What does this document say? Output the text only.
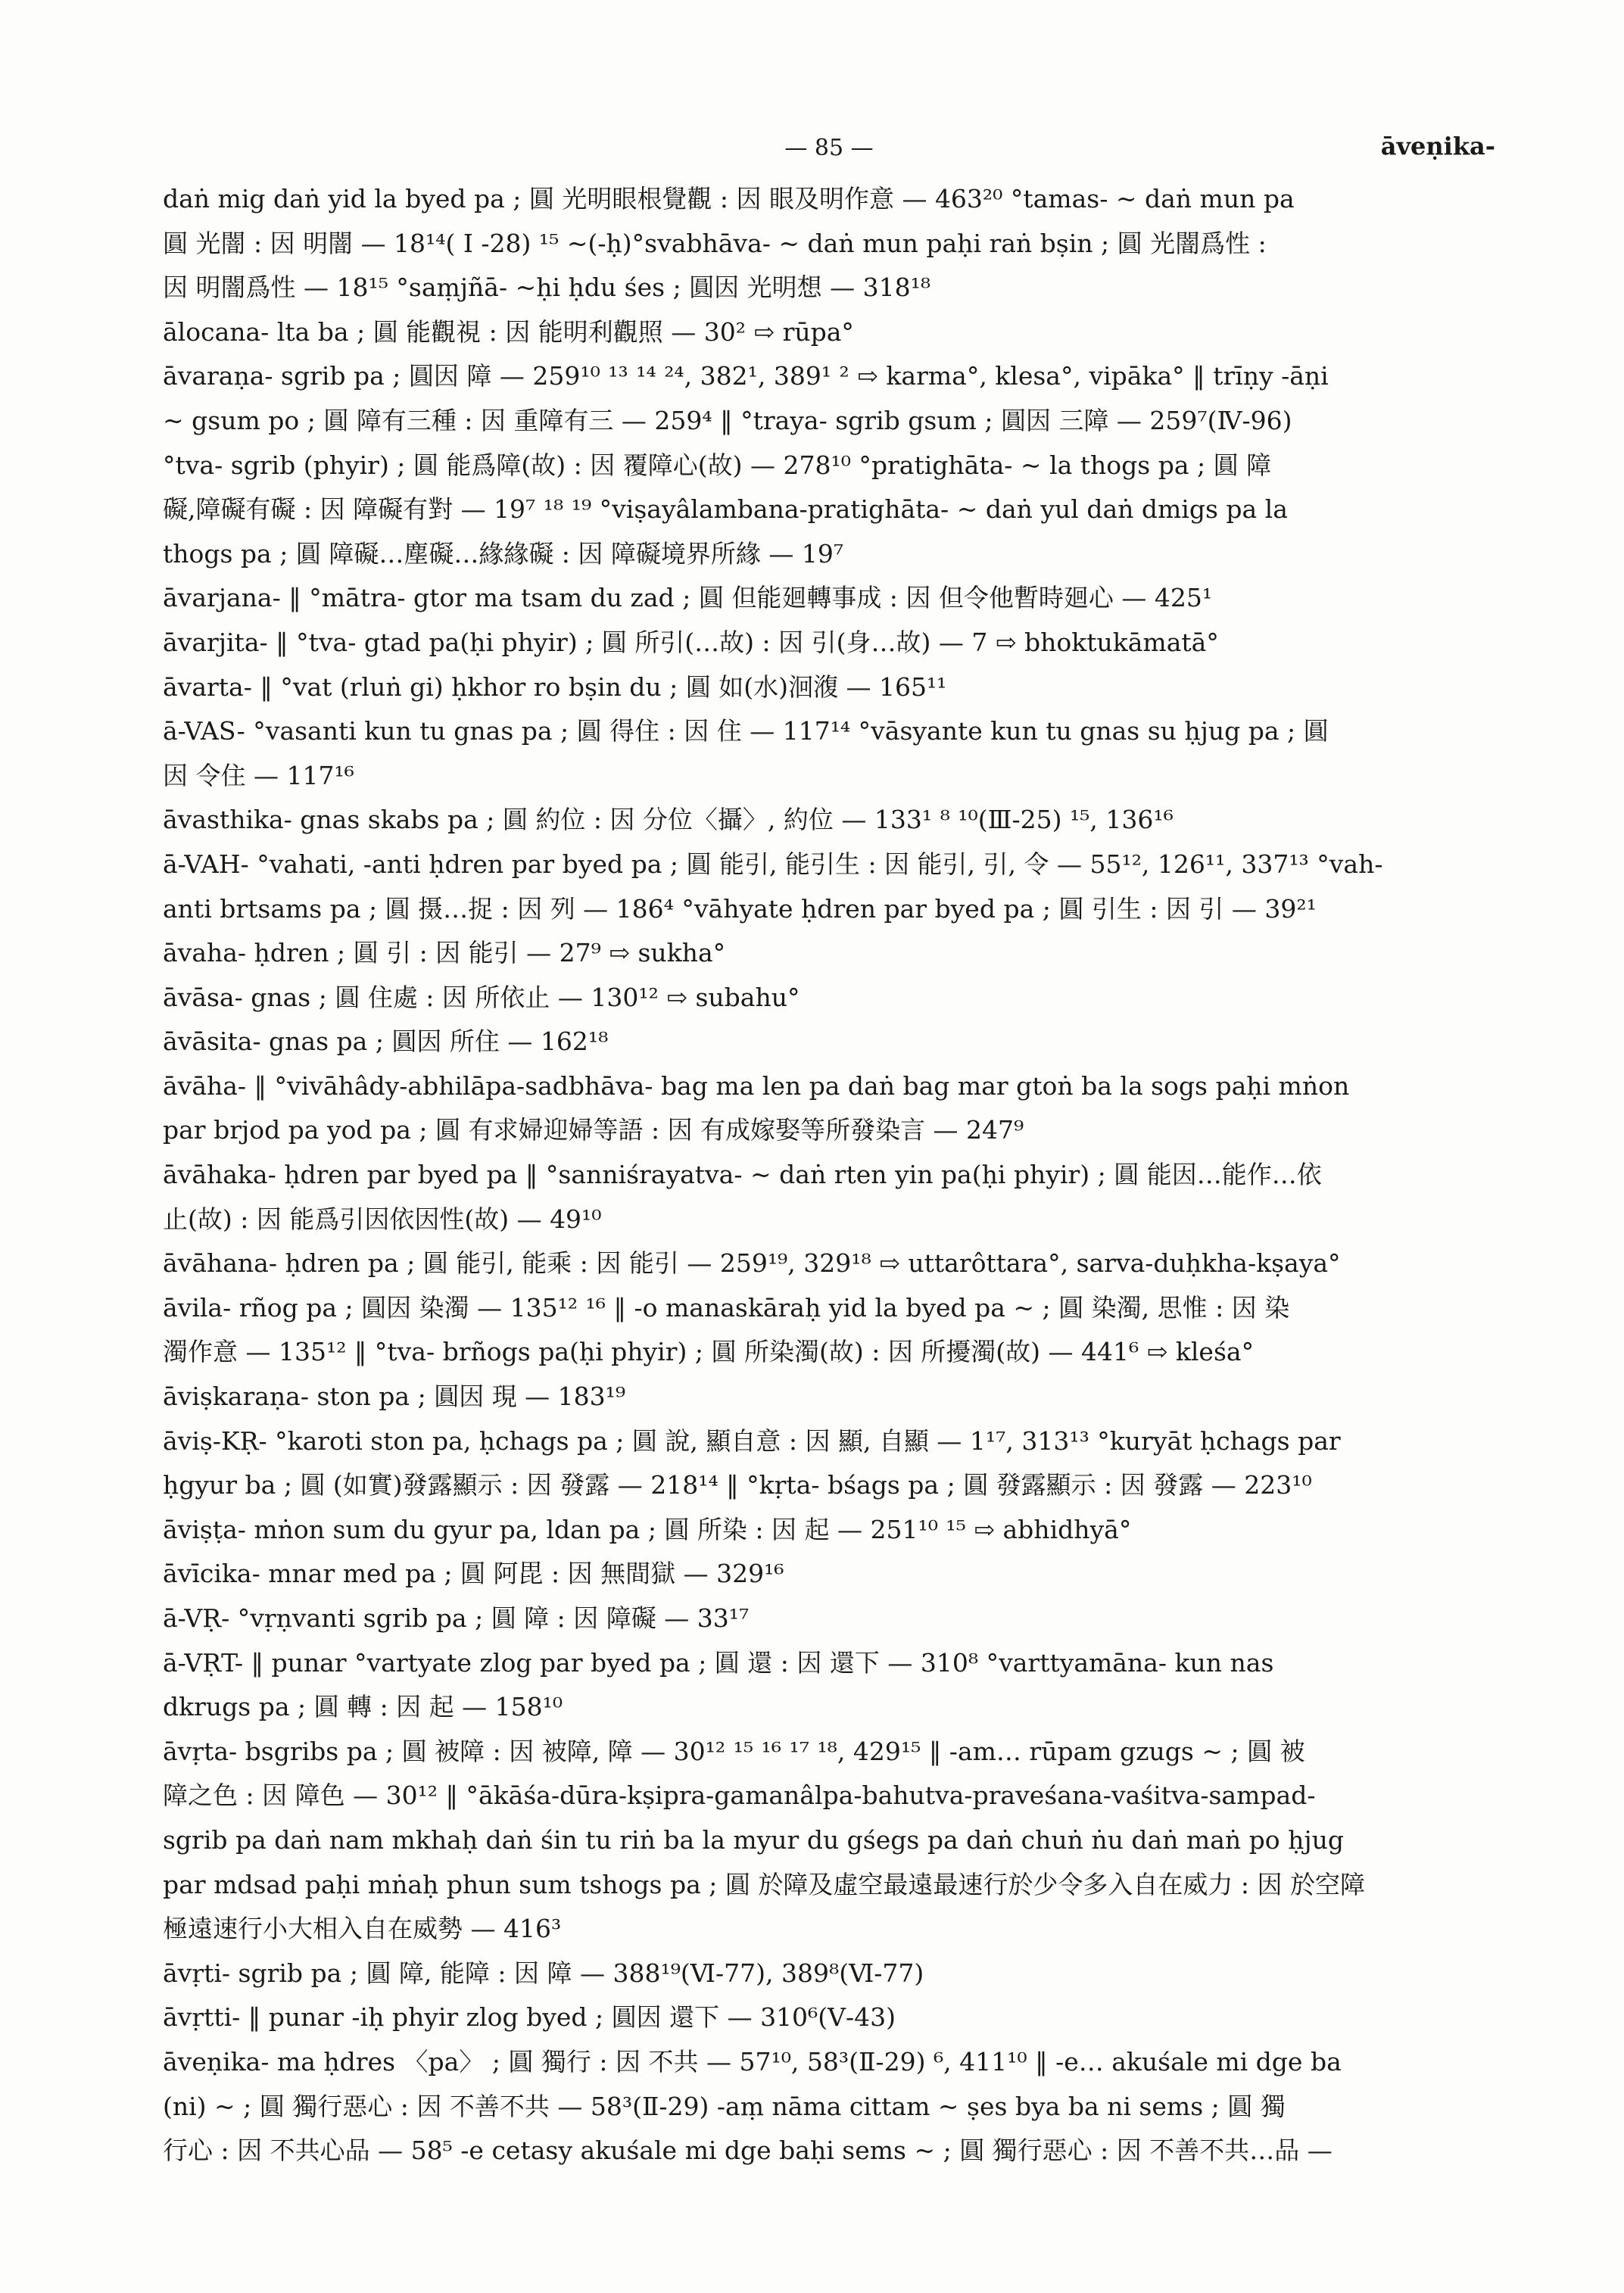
— 85 —	āveṇika-
daṅ mig daṅ yid la byed pa ; 圓 光明眼根覺觀 : 因 眼及明作意 — 463²⁰ °tamas- ~ daṅ mun pa
圓 光闇 : 因 明闇 — 18¹⁴( I -28) ¹⁵ ~(-ḥ)°svabhāva- ~ daṅ mun paḥi raṅ bṣin ; 圓 光闇爲性 :
因 明闇爲性 — 18¹⁵ °saṃjñā- ~ḥi ḥdu śes ; 圓因 光明想 — 318¹⁸
ālocana- lta ba ; 圓 能觀視 : 因 能明利觀照 — 30² ⇨ rūpa°
āvaraṇa- sgrib pa ; 圓因 障 — 259¹⁰ ¹³ ¹⁴ ²⁴, 382¹, 389¹ ² ⇨ karma°, klesa°, vipāka° ‖ trīṇy -āṇi
~ gsum po ; 圓 障有三種 : 因 重障有三 — 259⁴ ‖ °traya- sgrib gsum ; 圓因 三障 — 259⁷(Ⅳ-96)
°tva- sgrib (phyir) ; 圓 能爲障(故) : 因 覆障心(故) — 278¹⁰ °pratighāta- ~ la thogs pa ; 圓 障
礙,障礙有礙 : 因 障礙有對 — 19⁷ ¹⁸ ¹⁹ °viṣayâlambana-pratighāta- ~ daṅ yul daṅ dmigs pa la
thogs pa ; 圓 障礙…塵礙…緣緣礙 : 因 障礙境界所緣 — 19⁷
āvarjana- ‖ °mātra- gtor ma tsam du zad ; 圓 但能廻轉事成 : 因 但令他暫時廻心 — 425¹
āvarjita- ‖ °tva- gtad pa(ḥi phyir) ; 圓 所引(…故) : 因 引(身…故) — 7 ⇨ bhoktukāmatā°
āvarta- ‖ °vat (rluṅ gi) ḥkhor ro bṣin du ; 圓 如(水)洄澓 — 165¹¹
ā-VAS- °vasanti kun tu gnas pa ; 圓 得住 : 因 住 — 117¹⁴ °vāsyante kun tu gnas su ḥjug pa ; 圓
因 令住 — 117¹⁶
āvasthika- gnas skabs pa ; 圓 約位 : 因 分位〈攝〉, 約位 — 133¹ ⁸ ¹⁰(Ⅲ-25) ¹⁵, 136¹⁶
ā-VAH- °vahati, -anti ḥdren par byed pa ; 圓 能引, 能引生 : 因 能引, 引, 令 — 55¹², 126¹¹, 337¹³ °vah-
anti brtsams pa ; 圓 摄…捉 : 因 列 — 186⁴ °vāhyate ḥdren par byed pa ; 圓 引生 : 因 引 — 39²¹
āvaha- ḥdren ; 圓 引 : 因 能引 — 27⁹ ⇨ sukha°
āvāsa- gnas ; 圓 住處 : 因 所依止 — 130¹² ⇨ subahu°
āvāsita- gnas pa ; 圓因 所住 — 162¹⁸
āvāha- ‖ °vivāhâdy-abhilāpa-sadbhāva- bag ma len pa daṅ bag mar gtoṅ ba la sogs paḥi mṅon
par brjod pa yod pa ; 圓 有求婦迎婦等語 : 因 有成嫁娶等所發染言 — 247⁹
āvāhaka- ḥdren par byed pa ‖ °sanniśrayatva- ~ daṅ rten yin pa(ḥi phyir) ; 圓 能因…能作…依
止(故) : 因 能爲引因依因性(故) — 49¹⁰
āvāhana- ḥdren pa ; 圓 能引, 能乘 : 因 能引 — 259¹⁹, 329¹⁸ ⇨ uttarôttara°, sarva-duḥkha-kṣaya°
āvila- rñog pa ; 圓因 染濁 — 135¹² ¹⁶ ‖ -o manaskāraḥ yid la byed pa ~ ; 圓 染濁, 思惟 : 因 染
濁作意 — 135¹² ‖ °tva- brñogs pa(ḥi phyir) ; 圓 所染濁(故) : 因 所擾濁(故) — 441⁶ ⇨ kleśa°
āviṣkaraṇa- ston pa ; 圓因 現 — 183¹⁹
āviṣ-KṚ- °karoti ston pa, ḥchags pa ; 圓 說, 顯自意 : 因 顯, 自顯 — 1¹⁷, 313¹³ °kuryāt ḥchags par
ḥgyur ba ; 圓 (如實)發露顯示 : 因 發露 — 218¹⁴ ‖ °kṛta- bśags pa ; 圓 發露顯示 : 因 發露 — 223¹⁰
āviṣṭa- mṅon sum du gyur pa, ldan pa ; 圓 所染 : 因 起 — 251¹⁰ ¹⁵ ⇨ abhidhyā°
āvīcika- mnar med pa ; 圓 阿毘 : 因 無間獄 — 329¹⁶
ā-VṚ- °vṛṇvanti sgrib pa ; 圓 障 : 因 障礙 — 33¹⁷
ā-VṚT- ‖ punar °vartyate zlog par byed pa ; 圓 還 : 因 還下 — 310⁸ °varttyamāna- kun nas
dkrugs pa ; 圓 轉 : 因 起 — 158¹⁰
āvṛta- bsgribs pa ; 圓 被障 : 因 被障, 障 — 30¹² ¹⁵ ¹⁶ ¹⁷ ¹⁸, 429¹⁵ ‖ -am… rūpam gzugs ~ ; 圓 被
障之色 : 因 障色 — 30¹² ‖ °ākāśa-dūra-kṣipra-gamanâlpa-bahutva-praveśana-vaśitva-sampad-
sgrib pa daṅ nam mkhaḥ daṅ śin tu riṅ ba la myur du gśegs pa daṅ chuṅ ṅu daṅ maṅ po ḥjug
par mdsad paḥi mṅaḥ phun sum tshogs pa ; 圓 於障及虛空最遠最速行於少令多入自在威力 : 因 於空障
極遠速行小大相入自在威勢 — 416³
āvṛti- sgrib pa ; 圓 障, 能障 : 因 障 — 388¹⁹(Ⅵ-77), 389⁸(Ⅵ-77)
āvṛtti- ‖ punar -iḥ phyir zlog byed ; 圓因 還下 — 310⁶(Ⅴ-43)
āveṇika- ma ḥdres 〈pa〉 ; 圓 獨行 : 因 不共 — 57¹⁰, 58³(Ⅱ-29) ⁶, 411¹⁰ ‖ -e… akuśale mi dge ba
(ni) ~ ; 圓 獨行惡心 : 因 不善不共 — 58³(Ⅱ-29) -aṃ nāma cittam ~ ṣes bya ba ni sems ; 圓 獨
行心 : 因 不共心品 — 58⁵ -e cetasy akuśale mi dge baḥi sems ~ ; 圓 獨行惡心 : 因 不善不共…品 —
